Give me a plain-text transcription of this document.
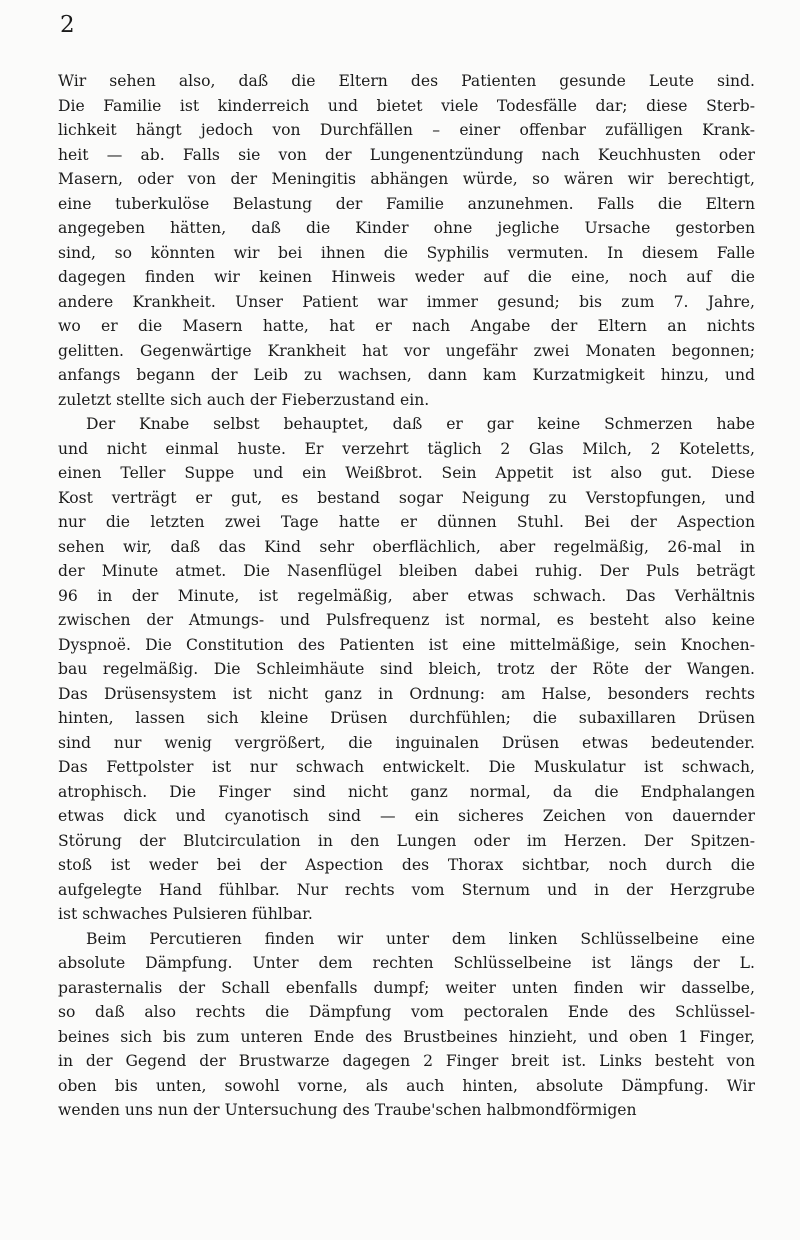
2
Wir sehen also, daß die Eltern des Patienten gesunde Leute sind.
Die Familie ist kinderreich und bietet viele Todesfälle dar; diese Sterb-
lichkeit hängt jedoch von Durchfällen – einer offenbar zufälligen Krank-
heit — ab. Falls sie von der Lungenentzündung nach Keuchhusten oder
Masern, oder von der Meningitis abhängen würde, so wären wir berechtigt,
eine tuberkulöse Belastung der Familie anzunehmen. Falls die Eltern
angegeben hätten, daß die Kinder ohne jegliche Ursache gestorben
sind, so könnten wir bei ihnen die Syphilis vermuten. In diesem Falle
dagegen finden wir keinen Hinweis weder auf die eine, noch auf die
andere Krankheit. Unser Patient war immer gesund; bis zum 7. Jahre,
wo er die Masern hatte, hat er nach Angabe der Eltern an nichts
gelitten. Gegenwärtige Krankheit hat vor ungefähr zwei Monaten begonnen;
anfangs begann der Leib zu wachsen, dann kam Kurzatmigkeit hinzu, und
zuletzt stellte sich auch der Fieberzustand ein.
Der Knabe selbst behauptet, daß er gar keine Schmerzen habe
und nicht einmal huste. Er verzehrt täglich 2 Glas Milch, 2 Koteletts,
einen Teller Suppe und ein Weißbrot. Sein Appetit ist also gut. Diese
Kost verträgt er gut, es bestand sogar Neigung zu Verstopfungen, und
nur die letzten zwei Tage hatte er dünnen Stuhl. Bei der Aspection
sehen wir, daß das Kind sehr oberflächlich, aber regelmäßig, 26-mal in
der Minute atmet. Die Nasenflügel bleiben dabei ruhig. Der Puls beträgt
96 in der Minute, ist regelmäßig, aber etwas schwach. Das Verhältnis
zwischen der Atmungs- und Pulsfrequenz ist normal, es besteht also keine
Dyspnoë. Die Constitution des Patienten ist eine mittelmäßige, sein Knochen-
bau regelmäßig. Die Schleimhäute sind bleich, trotz der Röte der Wangen.
Das Drüsensystem ist nicht ganz in Ordnung: am Halse, besonders rechts
hinten, lassen sich kleine Drüsen durchfühlen; die subaxillaren Drüsen
sind nur wenig vergrößert, die inguinalen Drüsen etwas bedeutender.
Das Fettpolster ist nur schwach entwickelt. Die Muskulatur ist schwach,
atrophisch. Die Finger sind nicht ganz normal, da die Endphalangen
etwas dick und cyanotisch sind — ein sicheres Zeichen von dauernder
Störung der Blutcirculation in den Lungen oder im Herzen. Der Spitzen-
stoß ist weder bei der Aspection des Thorax sichtbar, noch durch die
aufgelegte Hand fühlbar. Nur rechts vom Sternum und in der Herzgrube
ist schwaches Pulsieren fühlbar.
Beim Percutieren finden wir unter dem linken Schlüsselbeine eine
absolute Dämpfung. Unter dem rechten Schlüsselbeine ist längs der L.
parasternalis der Schall ebenfalls dumpf; weiter unten finden wir dasselbe,
so daß also rechts die Dämpfung vom pectoralen Ende des Schlüssel-
beines sich bis zum unteren Ende des Brustbeines hinzieht, und oben 1 Finger,
in der Gegend der Brustwarze dagegen 2 Finger breit ist. Links besteht von
oben bis unten, sowohl vorne, als auch hinten, absolute Dämpfung. Wir
wenden uns nun der Untersuchung des Traube'schen halbmondförmigen
